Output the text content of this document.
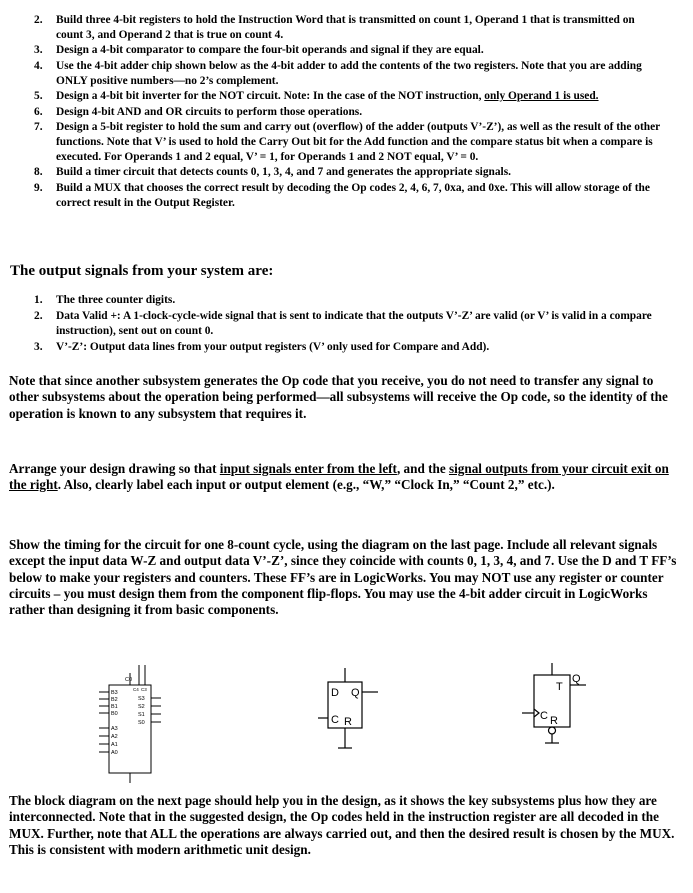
2. Build three 4-bit registers to hold the Instruction Word that is transmitted on count 1, Operand 1 that is transmitted on count 3, and Operand 2 that is true on count 4.
3. Design a 4-bit comparator to compare the four-bit operands and signal if they are equal.
4. Use the 4-bit adder chip shown below as the 4-bit adder to add the contents of the two registers. Note that you are adding ONLY positive numbers—no 2’s complement.
5. Design a 4-bit bit inverter for the NOT circuit. Note: In the case of the NOT instruction, only Operand 1 is used.
6. Design 4-bit AND and OR circuits to perform those operations.
7. Design a 5-bit register to hold the sum and carry out (overflow) of the adder (outputs V’-Z’), as well as the result of the other functions. Note that V’ is used to hold the Carry Out bit for the Add function and the compare status bit when a compare is executed. For Operands 1 and 2 equal, V’ = 1, for Operands 1 and 2 NOT equal, V’ = 0.
8. Build a timer circuit that detects counts 0, 1, 3, 4, and 7 and generates the appropriate signals.
9. Build a MUX that chooses the correct result by decoding the Op codes 2, 4, 6, 7, 0xa, and 0xe. This will allow storage of the correct result in the Output Register.
The output signals from your system are:
1. The three counter digits.
2. Data Valid +: A 1-clock-cycle-wide signal that is sent to indicate that the outputs V’-Z’ are valid (or V’ is valid in a compare instruction), sent out on count 0.
3. V’-Z’: Output data lines from your output registers (V’ only used for Compare and Add).
Note that since another subsystem generates the Op code that you receive, you do not need to transfer any signal to other subsystems about the operation being performed—all subsystems will receive the Op code, so the identity of the operation is known to any subsystem that requires it.
Arrange your design drawing so that input signals enter from the left, and the signal outputs from your circuit exit on the right. Also, clearly label each input or output element (e.g., “W,” “Clock In,” “Count 2,” etc.).
Show the timing for the circuit for one 8-count cycle, using the diagram on the last page. Include all relevant signals except the input data W-Z and output data V’-Z’, since they coincide with counts 0, 1, 3, 4, and 7. Use the D and T FF’s below to make your registers and counters. These FF’s are in LogicWorks. You may NOT use any register or counter circuits – you must design them from the component flip-flops. You may use the 4-bit adder circuit in LogicWorks rather than designing it from basic components.
C0
B3
B2
B1
B0
A3
A2
A1
A0
S3
S2
S1
S0
C4 C3	D Q
C R
T
Q
C R
The block diagram on the next page should help you in the design, as it shows the key subsystems plus how they are interconnected. Note that in the suggested design, the Op codes held in the instruction register are all decoded in the MUX. Further, note that ALL the operations are always carried out, and then the desired result is chosen by the MUX. This is consistent with modern arithmetic unit design.
